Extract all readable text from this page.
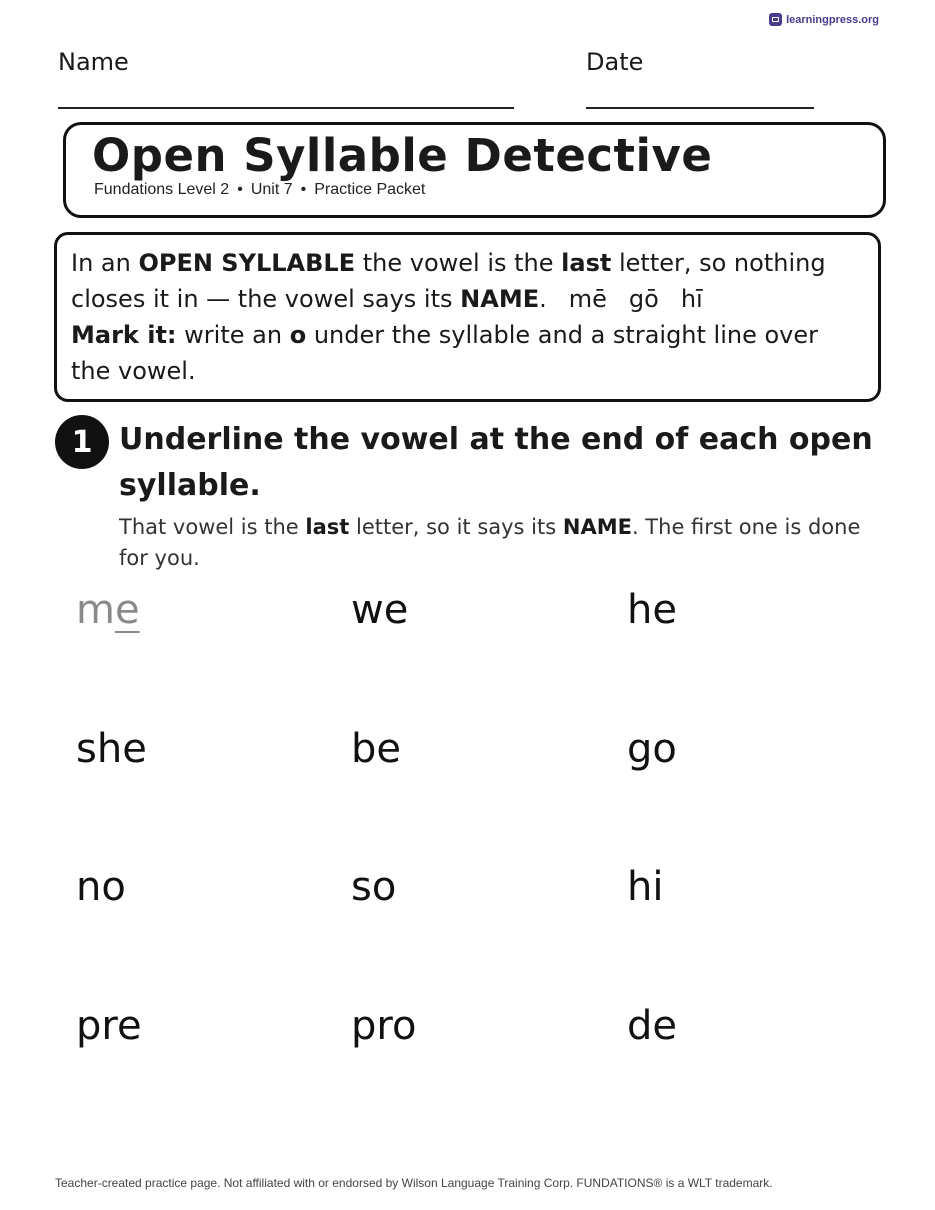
learningpress.org
Name	Date
Open Syllable Detective
Fundations Level 2 • Unit 7 • Practice Packet
In an OPEN SYLLABLE the vowel is the last letter, so nothing closes it in — the vowel says its NAME. mē gō hī
Mark it: write an o under the syllable and a straight line over the vowel.
1 Underline the vowel at the end of each open syllable.
That vowel is the last letter, so it says its NAME. The first one is done for you.
me	we	he
she	be	go
no	so	hi
pre	pro	de
Teacher-created practice page. Not affiliated with or endorsed by Wilson Language Training Corp. FUNDATIONS® is a WLT trademark.
